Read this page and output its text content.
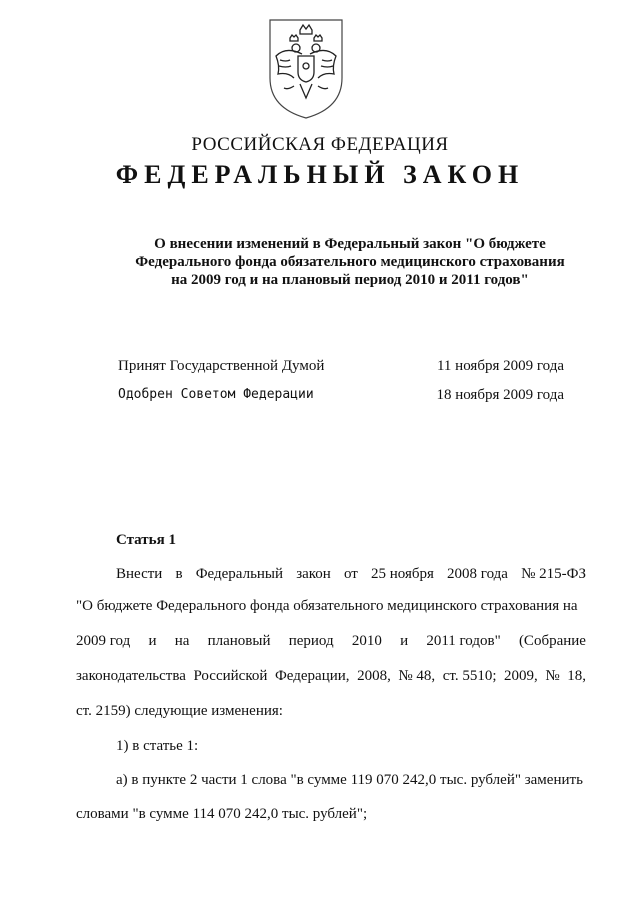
РОССИЙСКАЯ ФЕДЕРАЦИЯ
ФЕДЕРАЛЬНЫЙ ЗАКОН
О внесении изменений в Федеральный закон "О бюджете
Федерального фонда обязательного медицинского страхования
на 2009 год и на плановый период 2010 и 2011 годов"
Принят Государственной Думой	11 ноября 2009 года
Одобрен Советом Федерации	18 ноября 2009 года
Статья 1
Внести в Федеральный закон от 25 ноября 2008 года № 215-ФЗ
"О бюджете Федерального фонда обязательного медицинского страхования на
2009 год и на плановый период 2010 и 2011 годов" (Собрание
законодательства Российской Федерации, 2008, № 48, ст. 5510; 2009, № 18,
ст. 2159) следующие изменения:
1) в статье 1:
а) в пункте 2 части 1 слова "в сумме 119 070 242,0 тыс. рублей" заменить
словами "в сумме 114 070 242,0 тыс. рублей";
